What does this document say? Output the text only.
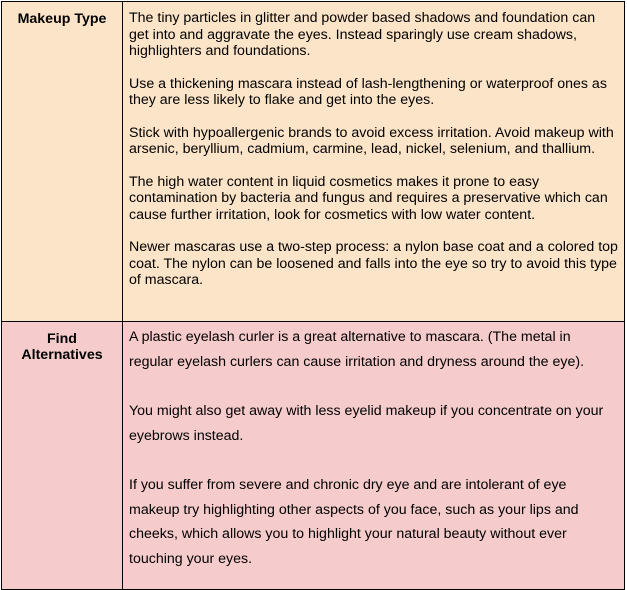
Makeup Type	The tiny particles in glitter and powder based shadows and foundation can get into and aggravate the eyes. Instead sparingly use cream shadows, highlighters and foundations.

Use a thickening mascara instead of lash-lengthening or waterproof ones as they are less likely to flake and get into the eyes.

Stick with hypoallergenic brands to avoid excess irritation. Avoid makeup with arsenic, beryllium, cadmium, carmine, lead, nickel, selenium, and thallium.

The high water content in liquid cosmetics makes it prone to easy contamination by bacteria and fungus and requires a preservative which can cause further irritation, look for cosmetics with low water content.

Newer mascaras use a two-step process: a nylon base coat and a colored top coat. The nylon can be loosened and falls into the eye so try to avoid this type of mascara.

Find Alternatives	A plastic eyelash curler is a great alternative to mascara. (The metal in regular eyelash curlers can cause irritation and dryness around the eye).

You might also get away with less eyelid makeup if you concentrate on your eyebrows instead.

If you suffer from severe and chronic dry eye and are intolerant of eye makeup try highlighting other aspects of you face, such as your lips and cheeks, which allows you to highlight your natural beauty without ever touching your eyes.
